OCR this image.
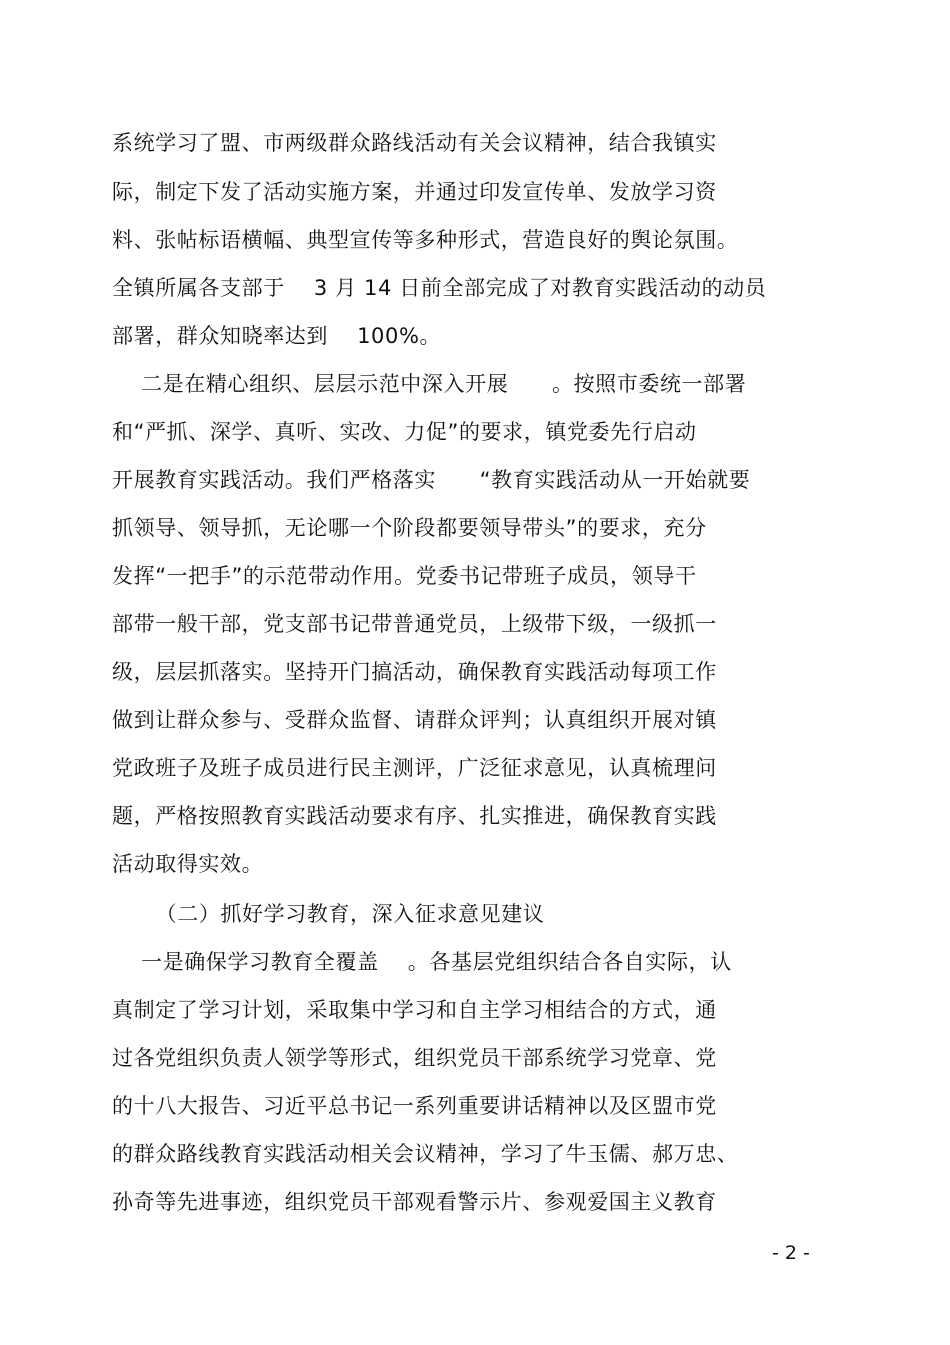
系统学习了盟、市两级群众路线活动有关会议精神，结合我镇实
际，制定下发了活动实施方案，并通过印发宣传单、发放学习资
料、张帖标语横幅、典型宣传等多种形式，营造良好的舆论氛围。
全镇所属各支部于    3 月 14 日前全部完成了对教育实践活动的动员
部署，群众知晓率达到    100%。
二是在精心组织、层层示范中深入开展      。按照市委统一部署
和“严抓、深学、真听、实改、力促”的要求，镇党委先行启动
开展教育实践活动。我们严格落实      “教育实践活动从一开始就要
抓领导、领导抓，无论哪一个阶段都要领导带头”的要求，充分
发挥“一把手”的示范带动作用。党委书记带班子成员，领导干
部带一般干部，党支部书记带普通党员，上级带下级，一级抓一
级，层层抓落实。坚持开门搞活动，确保教育实践活动每项工作
做到让群众参与、受群众监督、请群众评判；认真组织开展对镇
党政班子及班子成员进行民主测评，广泛征求意见，认真梳理问
题，严格按照教育实践活动要求有序、扎实推进，确保教育实践
活动取得实效。
（二）抓好学习教育，深入征求意见建议
一是确保学习教育全覆盖    。各基层党组织结合各自实际，认
真制定了学习计划，采取集中学习和自主学习相结合的方式，通
过各党组织负责人领学等形式，组织党员干部系统学习党章、党
的十八大报告、习近平总书记一系列重要讲话精神以及区盟市党
的群众路线教育实践活动相关会议精神，学习了牛玉儒、郝万忠、
孙奇等先进事迹，组织党员干部观看警示片、参观爱国主义教育
- 2 -
